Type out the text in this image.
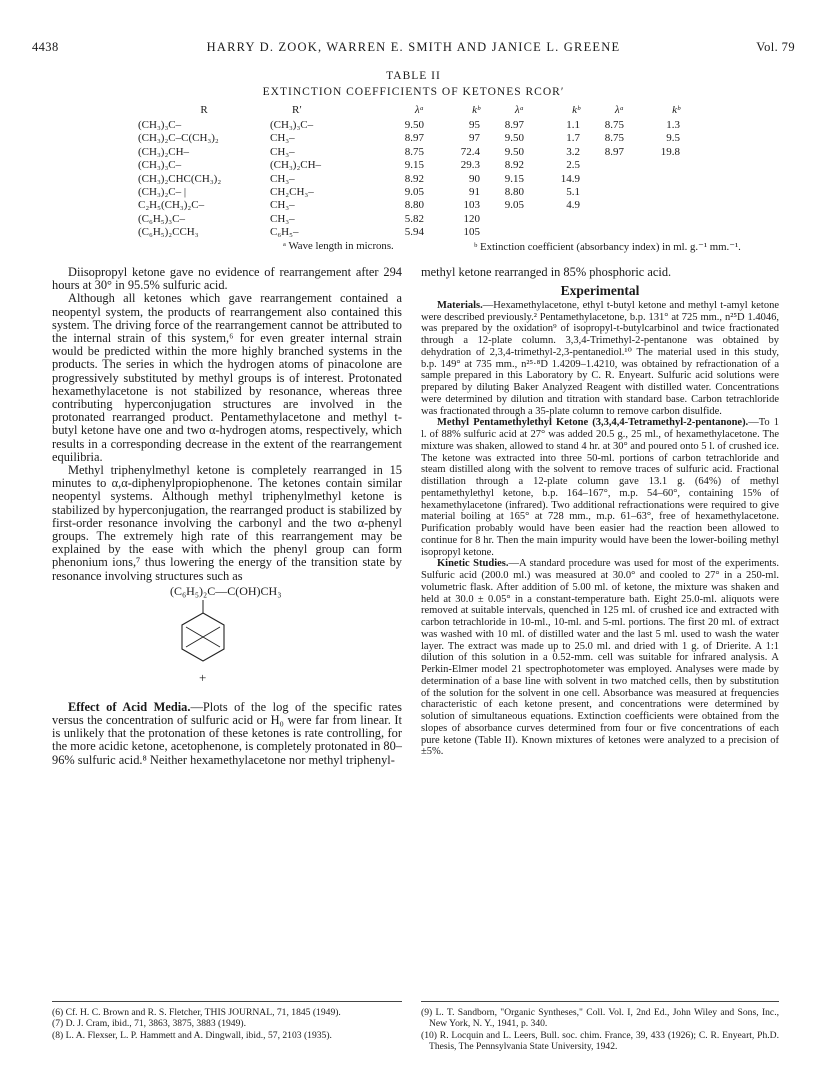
4438	HARRY D. ZOOK, WARREN E. SMITH AND JANICE L. GREENE	Vol. 79
TABLE II
EXTINCTION COEFFICIENTS OF KETONES RCOR′
R	R′	λᵃ	kᵇ	λᵃ	kᵇ	λᵃ	kᵇ
(CH₃)₃C–	(CH₃)₃C–	9.50	95	8.97	1.1	8.75	1.3
(CH₃)₂C–C(CH₃)₂	CH₃–	8.97	97	9.50	1.7	8.75	9.5
(CH₃)₂CH–	CH₃–	8.75	72.4	9.50	3.2	8.97	19.8
(CH₃)₃C–	(CH₃)₂CH–	9.15	29.3	8.92	2.5		
(CH₃)₂CHC(CH₃)₂	CH₃–	8.92	90	9.15	14.9		
(CH₃)₂C– |	CH₂CH₃–	9.05	91	8.80	5.1		
C₂H₅(CH₃)₂C–	CH₃–	8.80	103	9.05	4.9		
(C₆H₅)₃C–	CH₃–	5.82	120				
(C₆H₅)₂CCH₃	C₆H₅–	5.94	105				
ᵃ Wave length in microns.	ᵇ Extinction coefficient (absorbancy index) in ml. g.⁻¹ mm.⁻¹.

Diisopropyl ketone gave no evidence of rearrangement after 294 hours at 30° in 95.5% sulfuric acid.

Although all ketones which gave rearrangement contained a neopentyl system, the products of rearrangement also contained this system. The driving force of the rearrangement cannot be attributed to the internal strain of this system,⁶ for even greater internal strain would be predicted within the more highly branched systems in the products. The series in which the hydrogen atoms of pinacolone are progressively substituted by methyl groups is of interest. Protonated hexamethylacetone is not stabilized by resonance, whereas three contributing hyperconjugation structures are involved in the protonated rearranged product. Pentamethylacetone and methyl t-butyl ketone have one and two α-hydrogen atoms, respectively, which results in a corresponding decrease in the extent of the rearrangement equilibria.

Methyl triphenylmethyl ketone is completely rearranged in 15 minutes to α,α-diphenylpropiophenone. The ketones contain similar neopentyl systems. Although methyl triphenylmethyl ketone is stabilized by hyperconjugation, the rearranged product is stabilized by first-order resonance involving the carbonyl and the two α-phenyl groups. The extremely high rate of this rearrangement may be explained by the ease with which the phenyl group can form phenonium ions,⁷ thus lowering the energy of the transition state by resonance involving structures such as

(C₆H₅)₂C—C(OH)CH₃
+

Effect of Acid Media.—Plots of the log of the specific rates versus the concentration of sulfuric acid or H₀ were far from linear. It is unlikely that the protonation of these ketones is rate controlling, for the more acidic ketone, acetophenone, is completely protonated in 80–96% sulfuric acid.⁸ Neither hexamethylacetone nor methyl triphenyl-

methyl ketone rearranged in 85% phosphoric acid.

Experimental

Materials.—Hexamethylacetone, ethyl t-butyl ketone and methyl t-amyl ketone were described previously.² Pentamethylacetone, b.p. 131° at 725 mm., n²⁵D 1.4046, was prepared by the oxidation⁹ of isopropyl-t-butylcarbinol and twice fractionated through a 12-plate column. 3,3,4-Trimethyl-2-pentanone was obtained by dehydration of 2,3,4-trimethyl-2,3-pentanediol.¹⁰ The material used in this study, b.p. 149° at 735 mm., n²⁵·⁸D 1.4209–1.4210, was obtained by refractionation of a sample prepared in this Laboratory by C. R. Enyeart. Sulfuric acid solutions were prepared by diluting Baker Analyzed Reagent with distilled water. Concentrations were determined by dilution and titration with standard base. Carbon tetrachloride was fractionated through a 35-plate column to remove carbon disulfide.

Methyl Pentamethylethyl Ketone (3,3,4,4-Tetramethyl-2-pentanone).—To 1 l. of 88% sulfuric acid at 27° was added 20.5 g., 25 ml., of hexamethylacetone. The mixture was shaken, allowed to stand 4 hr. at 30° and poured onto 5 l. of crushed ice. The ketone was extracted into three 50-ml. portions of carbon tetrachloride and steam distilled along with the solvent to remove traces of sulfuric acid. Fractional distillation through a 12-plate column gave 13.1 g. (64%) of methyl pentamethylethyl ketone, b.p. 164–167°, m.p. 54–60°, containing 15% of hexamethylacetone (infrared). Two additional refractionations were required to give material boiling at 165° at 728 mm., m.p. 61–63°, free of hexamethylacetone. Purification probably would have been easier had the reaction been allowed to continue for 8 hr. Then the main impurity would have been the lower-boiling methyl isopropyl ketone.

Kinetic Studies.—A standard procedure was used for most of the experiments. Sulfuric acid (200.0 ml.) was measured at 30.0° and cooled to 27° in a 250-ml. volumetric flask. After addition of 5.00 ml. of ketone, the mixture was shaken and held at 30.0 ± 0.05° in a constant-temperature bath. Eight 25.0-ml. aliquots were removed at suitable intervals, quenched in 125 ml. of crushed ice and extracted with carbon tetrachloride in 10-ml., 10-ml. and 5-ml. portions. The first 20 ml. of extract was washed with 10 ml. of distilled water and the last 5 ml. used to wash the water layer. The extract was made up to 25.0 ml. and dried with 1 g. of Drierite. A 1:1 dilution of this solution in a 0.52-mm. cell was suitable for infrared analysis. A Perkin-Elmer model 21 spectrophotometer was employed. Analyses were made by determination of a base line with solvent in two matched cells, then by substitution of the solution for the solvent in one cell. Absorbance was measured at frequencies characteristic of each ketone present, and concentrations were determined by solution of simultaneous equations. Extinction coefficients were obtained from the slopes of absorbance curves determined from four or five concentrations of each pure ketone (Table II). Known mixtures of ketones were analyzed to a precision of ±5%.

(6) Cf. H. C. Brown and R. S. Fletcher, THIS JOURNAL, 71, 1845 (1949).

(7) D. J. Cram, ibid., 71, 3863, 3875, 3883 (1949).

(8) L. A. Flexser, L. P. Hammett and A. Dingwall, ibid., 57, 2103 (1935).

(9) L. T. Sandborn, "Organic Syntheses," Coll. Vol. I, 2nd Ed., John Wiley and Sons, Inc., New York, N. Y., 1941, p. 340.

(10) R. Locquin and L. Leers, Bull. soc. chim. France, 39, 433 (1926); C. R. Enyeart, Ph.D. Thesis, The Pennsylvania State University, 1942.
